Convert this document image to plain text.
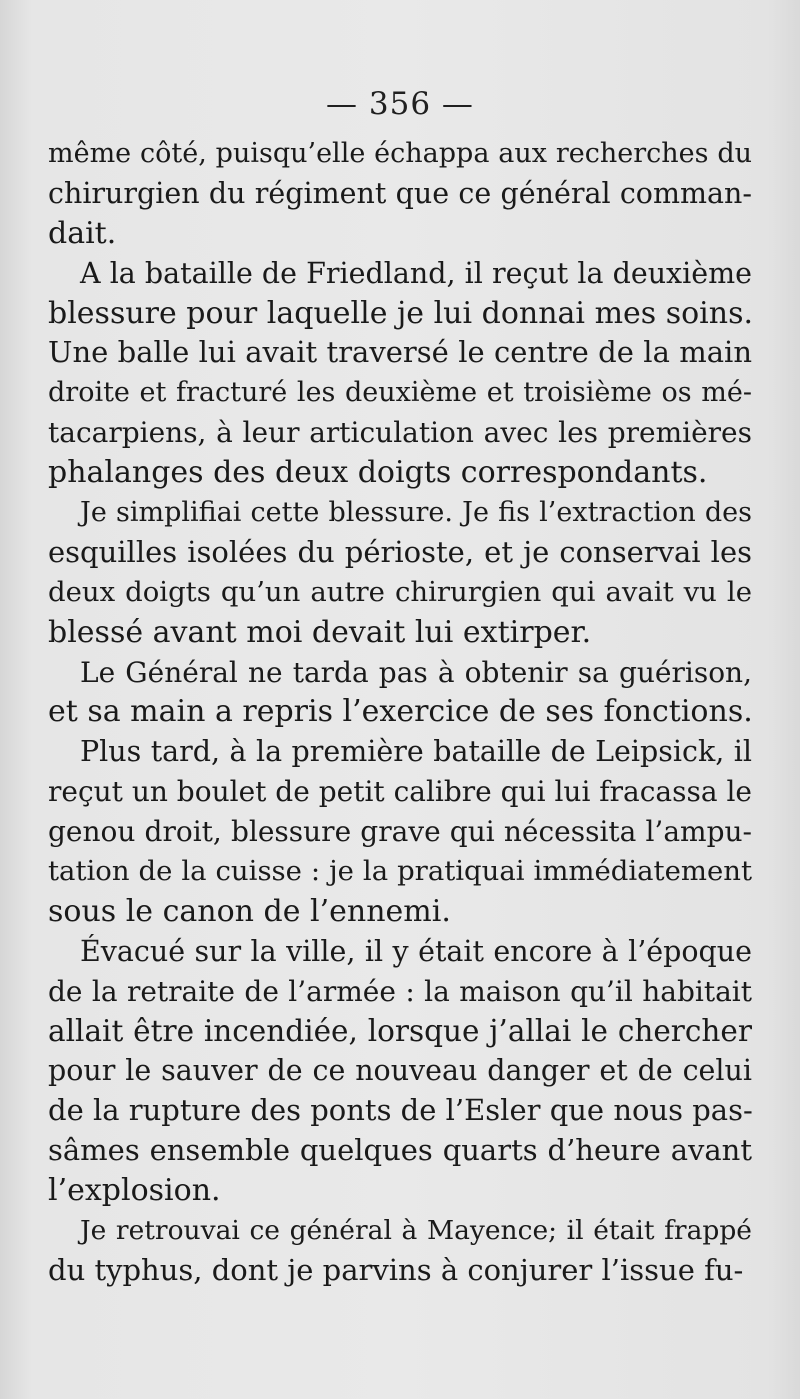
— 356 —
même côté, puisqu’elle échappa aux recherches du
chirurgien du régiment que ce général comman-
dait.
A la bataille de Friedland, il reçut la deuxième
blessure pour laquelle je lui donnai mes soins.
Une balle lui avait traversé le centre de la main
droite et fracturé les deuxième et troisième os mé-
tacarpiens, à leur articulation avec les premières
phalanges des deux doigts correspondants.
Je simplifiai cette blessure. Je fis l’extraction des
esquilles isolées du périoste, et je conservai les
deux doigts qu’un autre chirurgien qui avait vu le
blessé avant moi devait lui extirper.
Le Général ne tarda pas à obtenir sa guérison,
et sa main a repris l’exercice de ses fonctions.
Plus tard, à la première bataille de Leipsick, il
reçut un boulet de petit calibre qui lui fracassa le
genou droit, blessure grave qui nécessita l’ampu-
tation de la cuisse : je la pratiquai immédiatement
sous le canon de l’ennemi.
Évacué sur la ville, il y était encore à l’époque
de la retraite de l’armée : la maison qu’il habitait
allait être incendiée, lorsque j’allai le chercher
pour le sauver de ce nouveau danger et de celui
de la rupture des ponts de l’Esler que nous pas-
sâmes ensemble quelques quarts d’heure avant
l’explosion.
Je retrouvai ce général à Mayence; il était frappé
du typhus, dont je parvins à conjurer l’issue fu-
